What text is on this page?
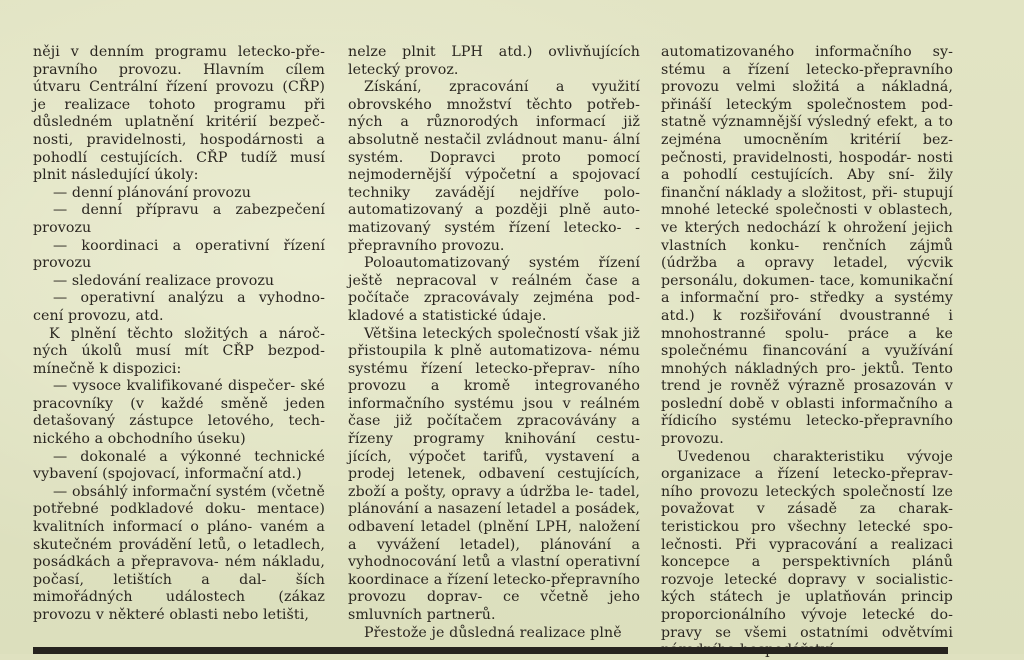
něji v denním programu letecko-pře- pravního provozu. Hlavním cílem útvaru Centrální řízení provozu (CŘP) je realizace tohoto programu při důsledném uplatnění kritérií bezpeč- nosti, pravidelnosti, hospodárnosti a pohodlí cestujících. CŘP tudíž musí plnit následující úkoly:

— denní plánování provozu

— denní přípravu a zabezpečení provozu

— koordinaci a operativní řízení provozu

— sledování realizace provozu

— operativní analýzu a vyhodno- cení provozu, atd.

K plnění těchto složitých a nároč- ných úkolů musí mít CŘP bezpod- mínečně k dispozici:

— vysoce kvalifikované dispečer- ské pracovníky (v každé směně jeden detašovaný zástupce letového, tech- nického a obchodního úseku)

— dokonalé a výkonné technické vybavení (spojovací, informační atd.)

— obsáhlý informační systém (včetně potřebné podkladové doku- mentace) kvalitních informací o pláno- vaném a skutečném provádění letů, o letadlech, posádkách a přepravova- ném nákladu, počasí, letištích a dal- ších mimořádných událostech (zákaz provozu v některé oblasti nebo letišti,

nelze plnit LPH atd.) ovlivňujících letecký provoz.

Získání, zpracování a využití obrovského množství těchto potřeb- ných a různorodých informací již absolutně nestačil zvládnout manu- ální systém. Dopravci proto pomocí nejmodernější výpočetní a spojovací techniky zavádějí nejdříve polo- automatizovaný a později plně auto- matizovaný systém řízení letecko- -přepravního provozu.

Poloautomatizovaný systém řízení ještě nepracoval v reálném čase a počítače zpracovávaly zejména pod- kladové a statistické údaje.

Většina leteckých společností však již přistoupila k plně automatizova- nému systému řízení letecko-přeprav- ního provozu a kromě integrovaného informačního systému jsou v reálném čase již počítačem zpracovávány a řízeny programy knihování cestu- jících, výpočet tarifů, vystavení a prodej letenek, odbavení cestujících, zboží a pošty, opravy a údržba le- tadel, plánování a nasazení letadel a posádek, odbavení letadel (plnění LPH, naložení a vyvážení letadel), plánování a vyhodnocování letů a vlastní operativní koordinace a řízení letecko-přepravního provozu doprav- ce včetně jeho smluvních partnerů.

Přestože je důsledná realizace plně

automatizovaného informačního sy- stému a řízení letecko-přepravního provozu velmi složitá a nákladná, přináší leteckým společnostem pod- statně významnější výsledný efekt, a to zejména umocněním kritérií bez- pečnosti, pravidelnosti, hospodár- nosti a pohodlí cestujících. Aby sní- žily finanční náklady a složitost, při- stupují mnohé letecké společnosti v oblastech, ve kterých nedochází k ohrožení jejich vlastních konku- renčních zájmů (údržba a opravy letadel, výcvik personálu, dokumen- tace, komunikační a informační pro- středky a systémy atd.) k rozšiřování dvoustranné i mnohostranné spolu- práce a ke společnému financování a využívání mnohých nákladných pro- jektů. Tento trend je rovněž výrazně prosazován v poslední době v oblasti informačního a řídicího systému letecko-přepravního provozu.

Uvedenou charakteristiku vývoje organizace a řízení letecko-přeprav- ního provozu leteckých společností lze považovat v zásadě za charak- teristickou pro všechny letecké spo- lečnosti. Při vypracování a realizaci koncepce a perspektivních plánů rozvoje letecké dopravy v socialistic- kých státech je uplatňován princip proporcionálního vývoje letecké do- pravy se všemi ostatními odvětvími
